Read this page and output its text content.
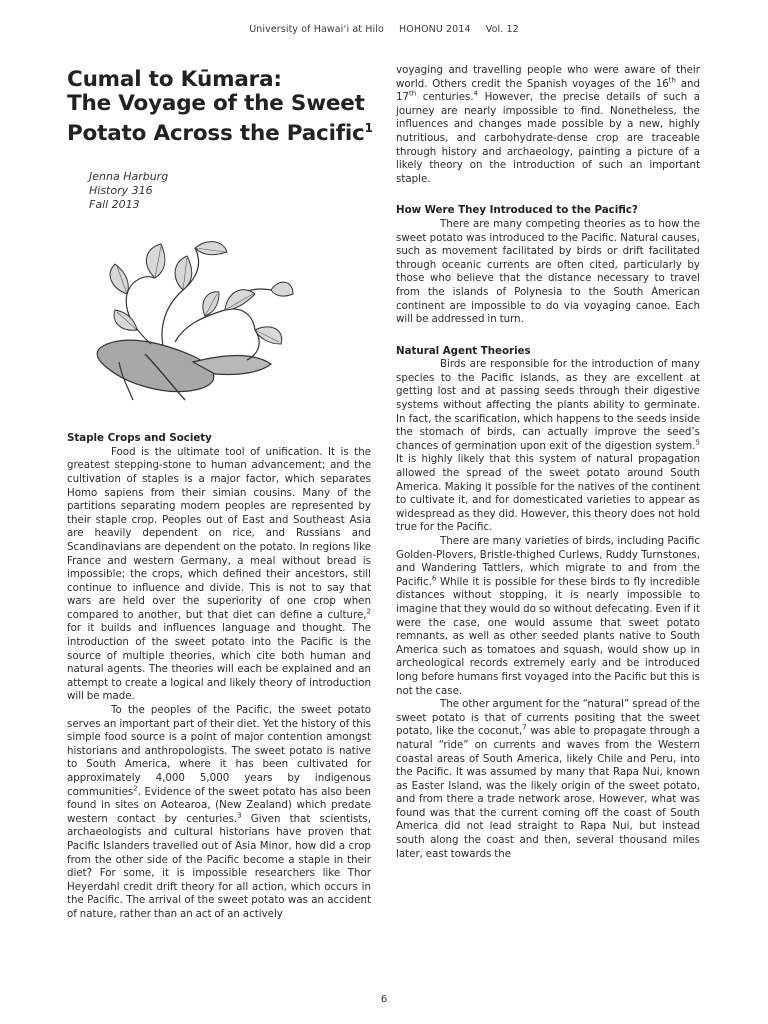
University of Hawai‘i at Hilo HOHONU 2014 Vol. 12
Cumal to Kūmara:
The Voyage of the Sweet
Potato Across the Pacific$^1$
Jenna Harburg
History 316
Fall 2013
Staple Crops and Society

Food is the ultimate tool of unification. It is the greatest stepping-stone to human advancement; and the cultivation of staples is a major factor, which separates Homo sapiens from their simian cousins. Many of the partitions separating modern peoples are represented by their staple crop. Peoples out of East and Southeast Asia are heavily dependent on rice, and Russians and Scandinavians are dependent on the potato. In regions like France and western Germany, a meal without bread is impossible; the crops, which defined their ancestors, still continue to influence and divide. This is not to say that wars are held over the superiority of one crop when compared to another, but that diet can define a culture,$^2$ for it builds and influences language and thought. The introduction of the sweet potato into the Pacific is the source of multiple theories, which cite both human and natural agents. The theories will each be explained and an attempt to create a logical and likely theory of introduction will be made.

To the peoples of the Pacific, the sweet potato serves an important part of their diet. Yet the history of this simple food source is a point of major contention amongst historians and anthropologists. The sweet potato is native to South America, where it has been cultivated for approximately 4,000 5,000 years by indigenous communities$^2$. Evidence of the sweet potato has also been found in sites on Aotearoa, (New Zealand) which predate western contact by centuries.$^3$ Given that scientists, archaeologists and cultural historians have proven that Pacific Islanders travelled out of Asia Minor, how did a crop from the other side of the Pacific become a staple in their diet? For some, it is impossible researchers like Thor Heyerdahl credit drift theory for all action, which occurs in the Pacific. The arrival of the sweet potato was an accident of nature, rather than an act of an actively

voyaging and travelling people who were aware of their world. Others credit the Spanish voyages of the 16th and 17th centuries.$^4$ However, the precise details of such a journey are nearly impossible to find. Nonetheless, the influences and changes made possible by a new, highly nutritious, and carbohydrate-dense crop are traceable through history and archaeology, painting a picture of a likely theory on the introduction of such an important staple.

How Were They Introduced to the Pacific?

There are many competing theories as to how the sweet potato was introduced to the Pacific. Natural causes, such as movement facilitated by birds or drift facilitated through oceanic currents are often cited, particularly by those who believe that the distance necessary to travel from the islands of Polynesia to the South American continent are impossible to do via voyaging canoe. Each will be addressed in turn.

Natural Agent Theories

Birds are responsible for the introduction of many species to the Pacific islands, as they are excellent at getting lost and at passing seeds through their digestive systems without affecting the plants ability to germinate. In fact, the scarification, which happens to the seeds inside the stomach of birds, can actually improve the seed’s chances of germination upon exit of the digestion system.$^5$ It is highly likely that this system of natural propagation allowed the spread of the sweet potato around South America. Making it possible for the natives of the continent to cultivate it, and for domesticated varieties to appear as widespread as they did. However, this theory does not hold true for the Pacific.

There are many varieties of birds, including Pacific Golden-Plovers, Bristle-thighed Curlews, Ruddy Turnstones, and Wandering Tattlers, which migrate to and from the Pacific.$^6$ While it is possible for these birds to fly incredible distances without stopping, it is nearly impossible to imagine that they would do so without defecating. Even if it were the case, one would assume that sweet potato remnants, as well as other seeded plants native to South America such as tomatoes and squash, would show up in archeological records extremely early and be introduced long before humans first voyaged into the Pacific but this is not the case.

The other argument for the “natural” spread of the sweet potato is that of currents positing that the sweet potato, like the coconut,$^7$ was able to propagate through a natural “ride” on currents and waves from the Western coastal areas of South America, likely Chile and Peru, into the Pacific. It was assumed by many that Rapa Nui, known as Easter Island, was the likely origin of the sweet potato, and from there a trade network arose. However, what was found was that the current coming off the coast of South America did not lead straight to Rapa Nui, but instead south along the coast and then, several thousand miles later, east towards the

6
